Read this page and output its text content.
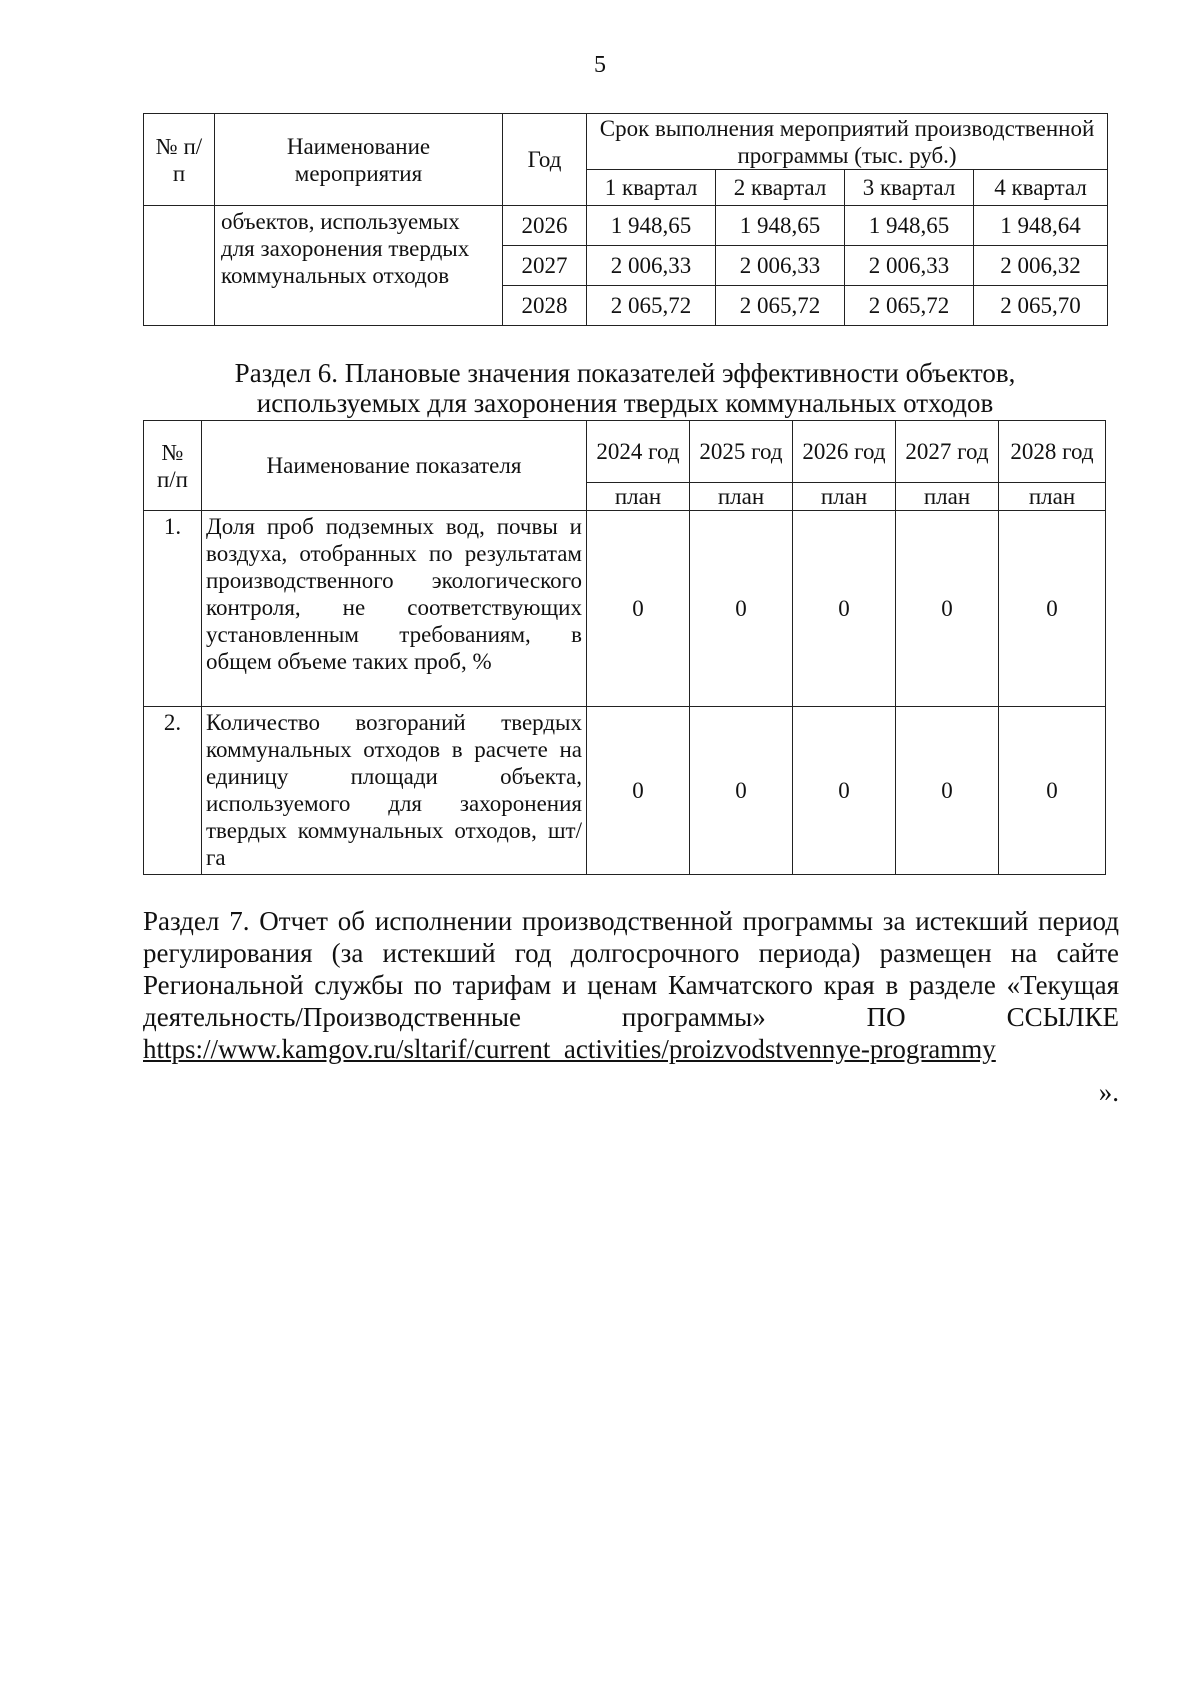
5
№ п/п	Наименование мероприятия	Год	Срок выполнения мероприятий производственной программы (тыс. руб.)			
			1 квартал	2 квартал	3 квартал	4 квартал
	объектов, используемых для захоронения твердых коммунальных отходов	2026	1 948,65	1 948,65	1 948,65	1 948,64
		2027	2 006,33	2 006,33	2 006,33	2 006,32
		2028	2 065,72	2 065,72	2 065,72	2 065,70
Раздел 6. Плановые значения показателей эффективности объектов,
используемых для захоронения твердых коммунальных отходов
№ п/п	Наименование показателя	2024 год	2025 год	2026 год	2027 год	2028 год
		план	план	план	план	план
1.	Доля проб подземных вод, почвы и воздуха, отобранных по результатам производственного экологического контроля, не соответствующих установленным требованиям, в общем объеме таких проб, %	0	0	0	0	0
2.	Количество возгораний твердых коммунальных отходов в расчете на единицу площади объекта, используемого для захоронения твердых коммунальных отходов, шт/га	0	0	0	0	0
Раздел 7. Отчет об исполнении производственной программы за истекший период регулирования (за истекший год долгосрочного периода) размещен на сайте Региональной службы по тарифам и ценам Камчатского края в разделе «Текущая деятельность/Производственные программы» ПО ССЫЛКЕ
https://www.kamgov.ru/sltarif/current_activities/proizvodstvennye-programmy
».
